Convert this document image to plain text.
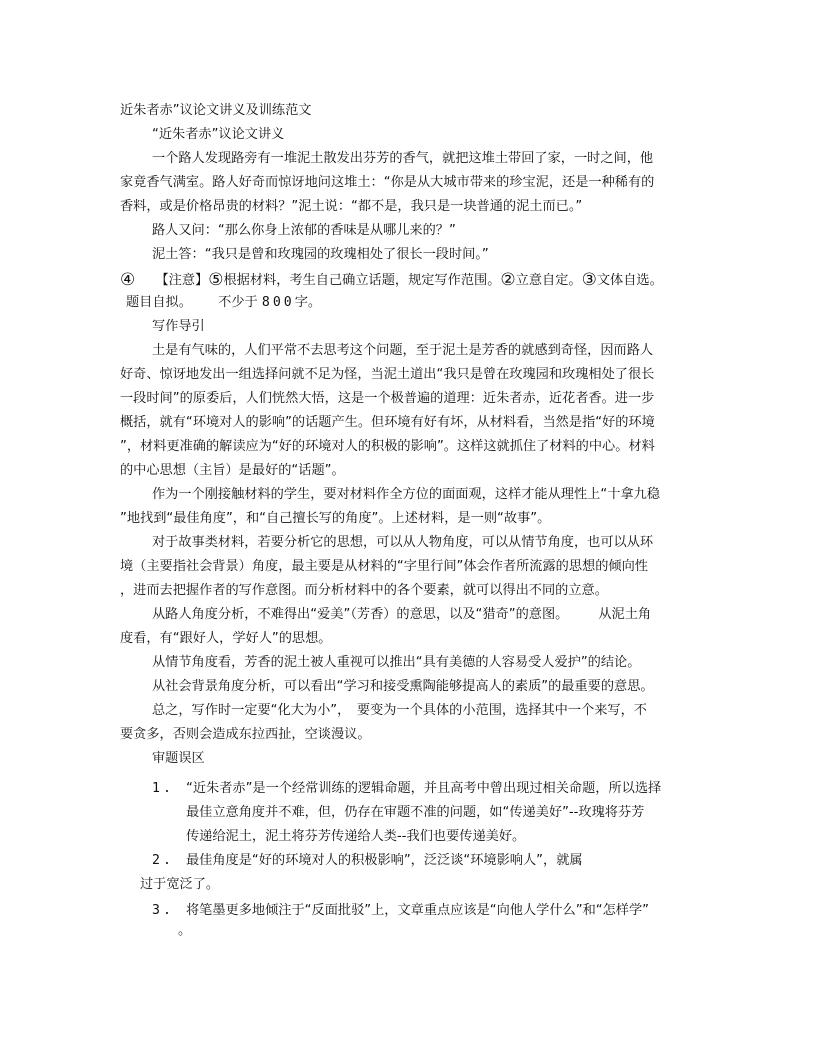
近朱者赤”议论文讲义及训练范文
“近朱者赤”议论文讲义
一个路人发现路旁有一堆泥土散发出芬芳的香气，就把这堆土带回了家，一时之间，他
家竟香气满室。路人好奇而惊讶地问这堆土：“你是从大城市带来的珍宝泥，还是一种稀有的
香料，或是价格昂贵的材料？”泥土说：“都不是，我只是一块普通的泥土而已。”
路人又问：“那么你身上浓郁的香味是从哪儿来的？”
泥土答：“我只是曾和玫瑰园的玫瑰相处了很长一段时间。”
④ 【注意】⑤根据材料，考生自己确立话题，规定写作范围。②立意自定。③文体自选。
题目自拟。 不少于 800字。
写作导引
土是有气味的，人们平常不去思考这个问题，至于泥土是芳香的就感到奇怪，因而路人
好奇、惊讶地发出一组选择问就不足为怪，当泥土道出“我只是曾在玫瑰园和玫瑰相处了很长
一段时间”的原委后，人们恍然大悟，这是一个极普遍的道理：近朱者赤，近花者香。进一步
概括，就有“环境对人的影响”的话题产生。但环境有好有坏，从材料看，当然是指“好的环境
”，材料更准确的解读应为“好的环境对人的积极的影响”。这样这就抓住了材料的中心。材料
的中心思想（主旨）是最好的“话题”。
作为一个刚接触材料的学生，要对材料作全方位的面面观，这样才能从理性上“十拿九稳
”地找到“最佳角度”，和“自己擅长写的角度”。上述材料，是一则“故事”。
对于故事类材料，若要分析它的思想，可以从人物角度，可以从情节角度，也可以从环
境（主要指社会背景）角度，最主要是从材料的“字里行间”体会作者所流露的思想的倾向性
，进而去把握作者的写作意图。而分析材料中的各个要素，就可以得出不同的立意。
从路人角度分析，不难得出“爱美”（芳香）的意思，以及“猎奇”的意图。 从泥土角
度看，有“跟好人，学好人”的思想。
从情节角度看，芳香的泥土被人重视可以推出“具有美德的人容易受人爱护”的结论。
从社会背景角度分析，可以看出“学习和接受熏陶能够提高人的素质”的最重要的意思。
总之，写作时一定要“化大为小”，　要变为一个具体的小范围，选择其中一个来写，不
要贪多，否则会造成东拉西扯，空谈漫议。
审题误区
1. “近朱者赤”是一个经常训练的逻辑命题，并且高考中曾出现过相关命题，所以选择
最佳立意角度并不难，但，仍存在审题不准的问题，如“传递美好”--玫瑰将芬芳
传递给泥土，泥土将芬芳传递给人类--我们也要传递美好。
2. 最佳角度是“好的环境对人的积极影响”，泛泛谈“环境影响人”，就属
过于宽泛了。
3. 将笔墨更多地倾注于“反面批驳”上，文章重点应该是“向他人学什么”和“怎样学”
。
